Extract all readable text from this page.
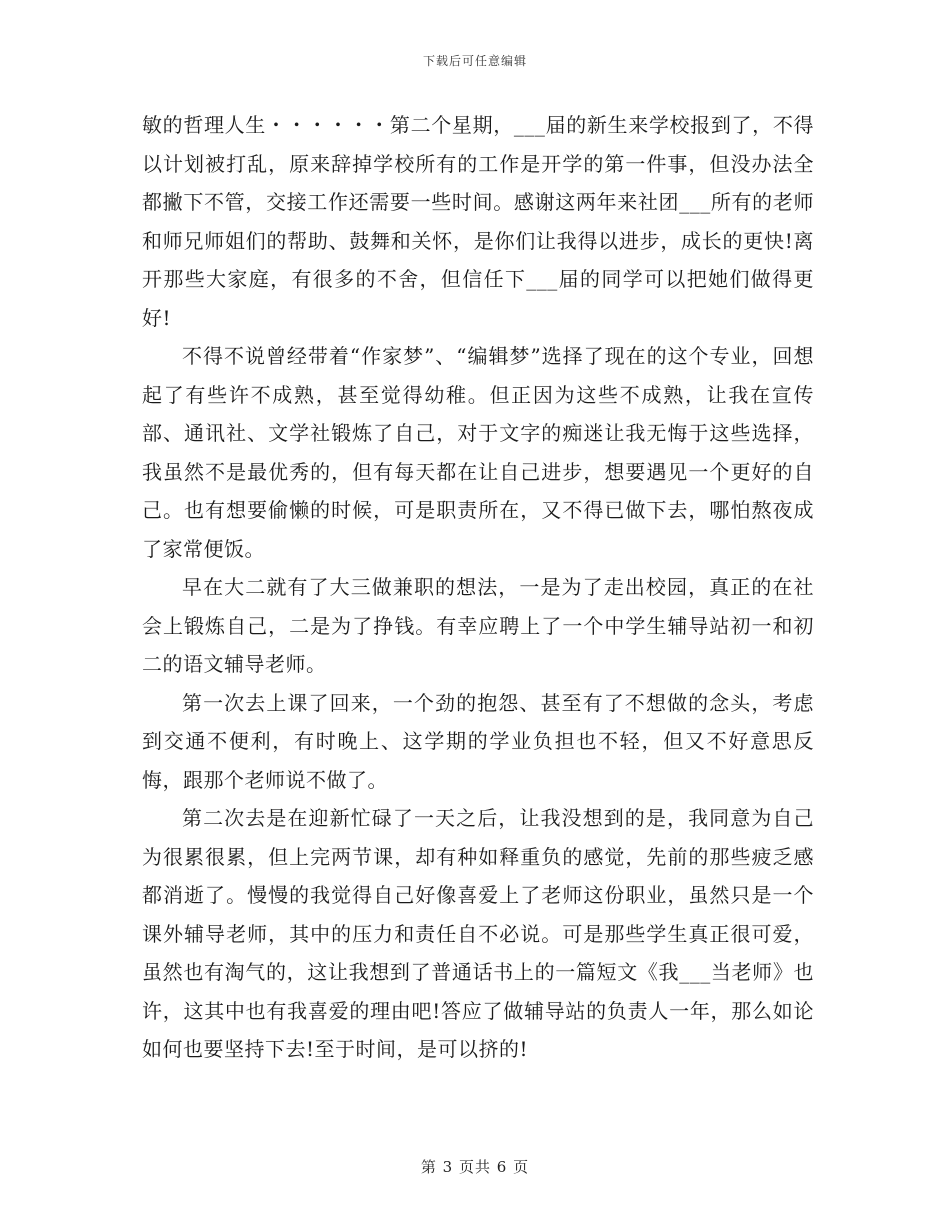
下载后可任意编辑

敏的哲理人生・・・・・・第二个星期，___届的新生来学校报到了，不得以计划被打乱，原来辞掉学校所有的工作是开学的第一件事，但没办法全都撇下不管，交接工作还需要一些时间。感谢这两年来社团___所有的老师和师兄师姐们的帮助、鼓舞和关怀，是你们让我得以进步，成长的更快!离开那些大家庭，有很多的不舍，但信任下___届的同学可以把她们做得更好!

不得不说曾经带着“作家梦”、“编辑梦”选择了现在的这个专业，回想起了有些许不成熟，甚至觉得幼稚。但正因为这些不成熟，让我在宣传部、通讯社、文学社锻炼了自己，对于文字的痴迷让我无悔于这些选择，我虽然不是最优秀的，但有每天都在让自己进步，想要遇见一个更好的自己。也有想要偷懒的时候，可是职责所在，又不得已做下去，哪怕熬夜成了家常便饭。

早在大二就有了大三做兼职的想法，一是为了走出校园，真正的在社会上锻炼自己，二是为了挣钱。有幸应聘上了一个中学生辅导站初一和初二的语文辅导老师。

第一次去上课了回来，一个劲的抱怨、甚至有了不想做的念头，考虑到交通不便利，有时晚上、这学期的学业负担也不轻，但又不好意思反悔，跟那个老师说不做了。

第二次去是在迎新忙碌了一天之后，让我没想到的是，我同意为自己为很累很累，但上完两节课，却有种如释重负的感觉，先前的那些疲乏感都消逝了。慢慢的我觉得自己好像喜爱上了老师这份职业，虽然只是一个课外辅导老师，其中的压力和责任自不必说。可是那些学生真正很可爱，虽然也有淘气的，这让我想到了普通话书上的一篇短文《我___当老师》也许，这其中也有我喜爱的理由吧!答应了做辅导站的负责人一年，那么如论如何也要坚持下去!至于时间，是可以挤的!

第 3 页共 6 页
